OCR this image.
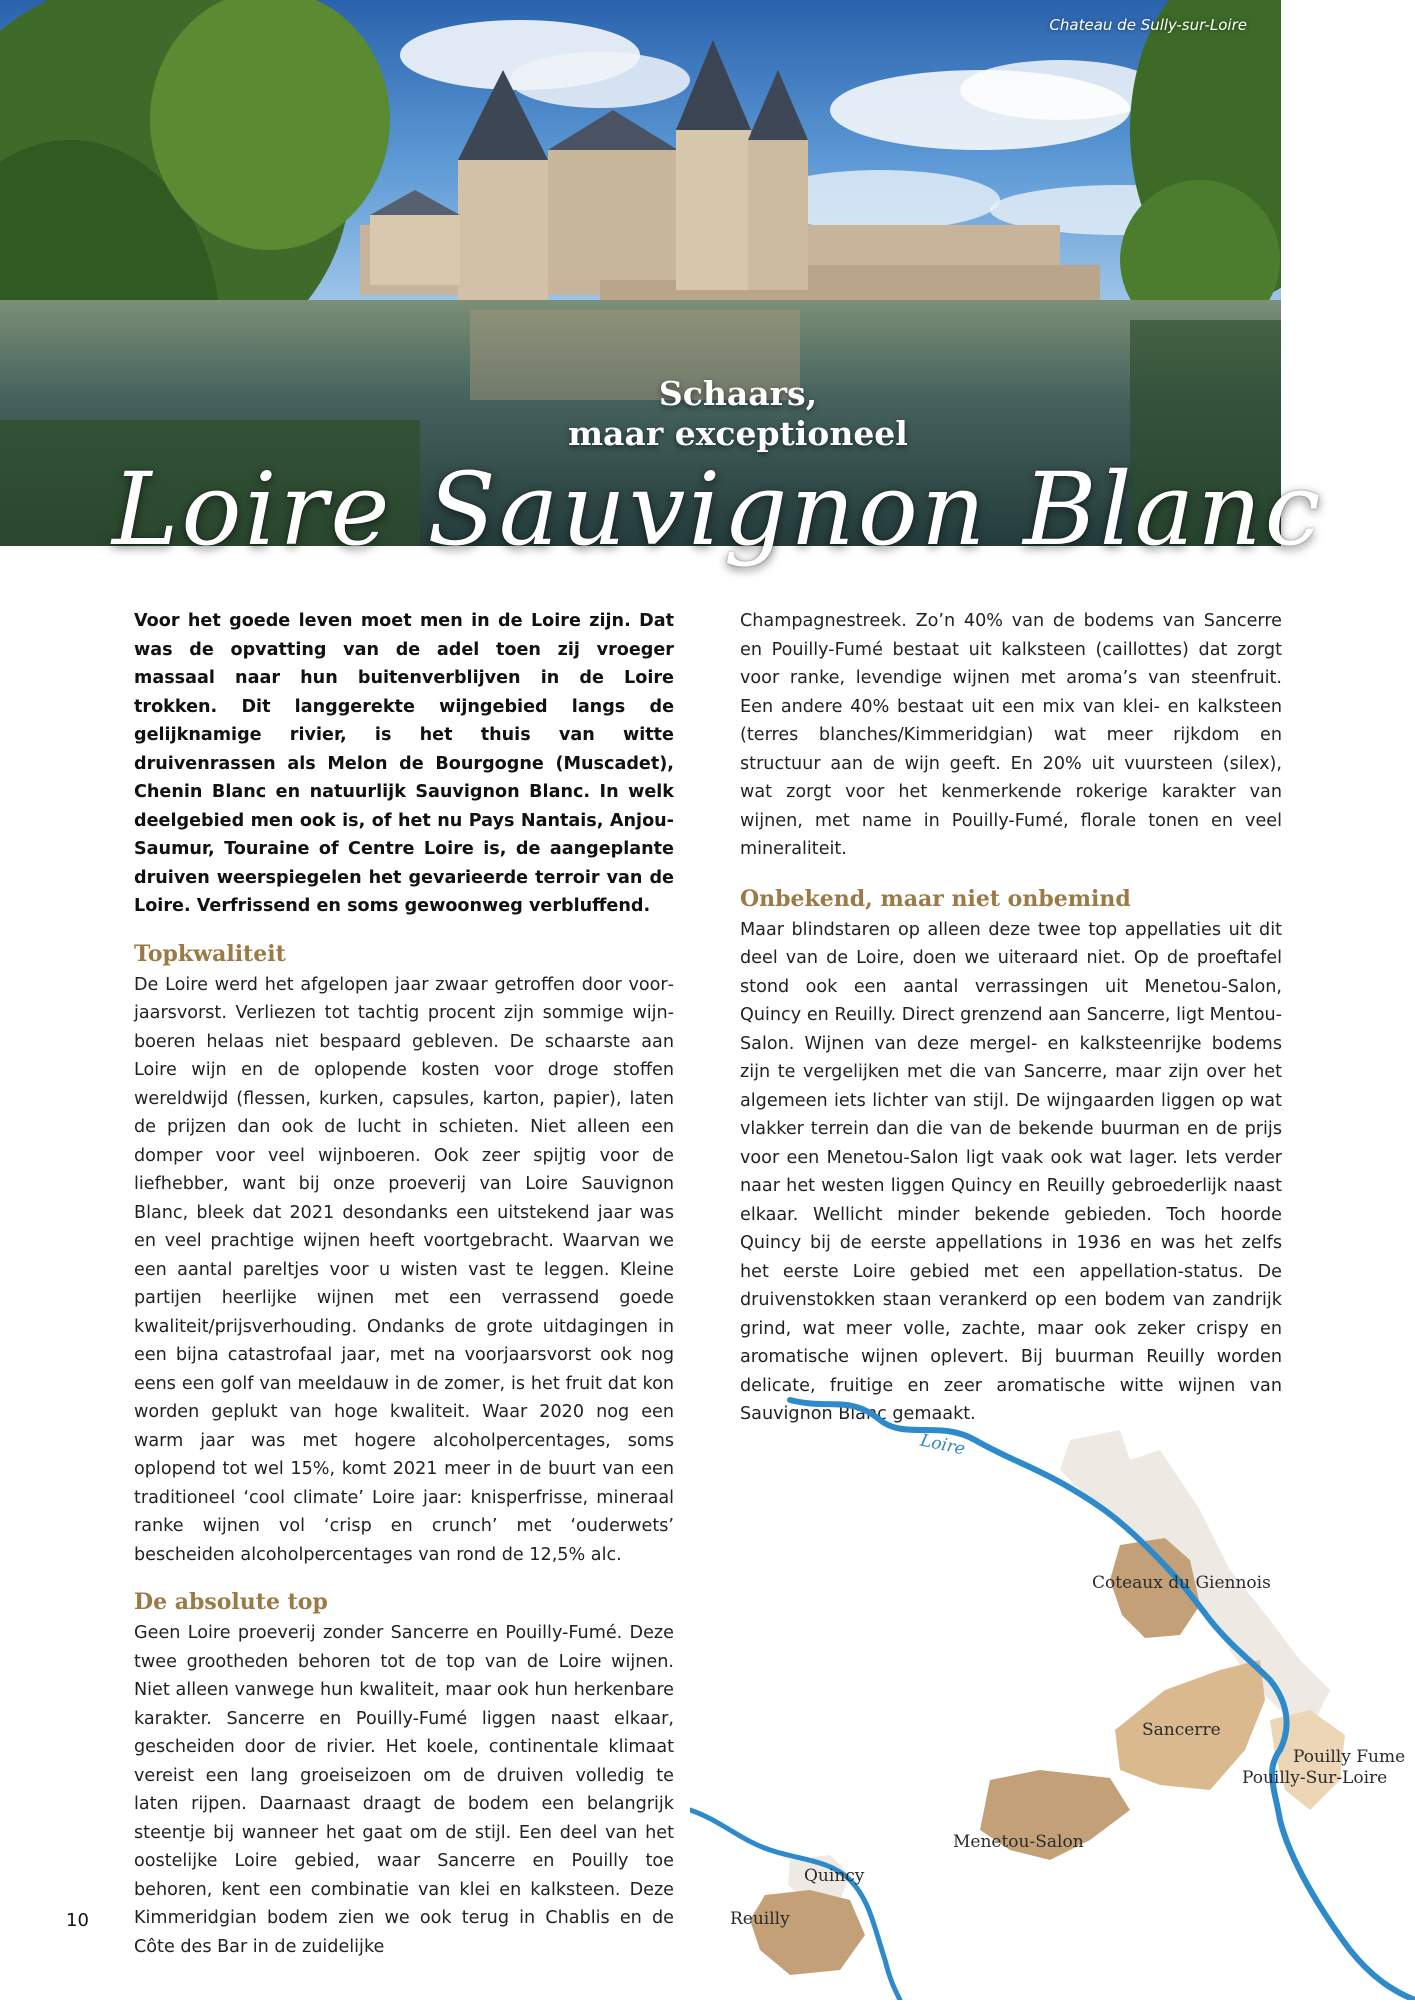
Chateau de Sully-sur-Loire
Schaars,
maar exceptioneel
Loire Sauvignon Blanc

Voor het goede leven moet men in de Loire zijn. Dat was de opvatting van de adel toen zij vroeger massaal naar hun buitenverblijven in de Loire trokken. Dit langgerekte wijngebied langs de gelijknamige rivier, is het thuis van witte druivenrassen als Melon de Bourgogne (Muscadet), Chenin Blanc en natuurlijk Sauvignon Blanc. In welk deelgebied men ook is, of het nu Pays Nantais, Anjou-Saumur, Touraine of Centre Loire is, de aangeplante druiven weerspiegelen het gevarieerde terroir van de Loire. Verfrissend en soms gewoonweg verbluffend.

Topkwaliteit

De Loire werd het afgelopen jaar zwaar getroffen door voorjaarsvorst. Verliezen tot tachtig procent zijn sommige wijnboeren helaas niet bespaard gebleven. De schaarste aan Loire wijn en de oplopende kosten voor droge stoffen wereldwijd (flessen, kurken, capsules, karton, papier), laten de prijzen dan ook de lucht in schieten. Niet alleen een domper voor veel wijnboeren. Ook zeer spijtig voor de liefhebber, want bij onze proeverij van Loire Sauvignon Blanc, bleek dat 2021 desondanks een uitstekend jaar was en veel prachtige wijnen heeft voortgebracht. Waarvan we een aantal pareltjes voor u wisten vast te leggen. Kleine partijen heerlijke wijnen met een verrassend goede kwaliteit/prijsverhouding. Ondanks de grote uitdagingen in een bijna catastrofaal jaar, met na voorjaarsvorst ook nog eens een golf van meeldauw in de zomer, is het fruit dat kon worden geplukt van hoge kwaliteit. Waar 2020 nog een warm jaar was met hogere alcoholpercentages, soms oplopend tot wel 15%, komt 2021 meer in de buurt van een traditioneel ‘cool climate’ Loire jaar: knisperfrisse, mineraal ranke wijnen vol ‘crisp en crunch’ met ‘ouderwets’ bescheiden alcoholpercentages van rond de 12,5% alc.

De absolute top

Geen Loire proeverij zonder Sancerre en Pouilly-Fumé. Deze twee grootheden behoren tot de top van de Loire wijnen. Niet alleen vanwege hun kwaliteit, maar ook hun herkenbare karakter. Sancerre en Pouilly-Fumé liggen naast elkaar, gescheiden door de rivier. Het koele, continentale klimaat vereist een lang groeiseizoen om de druiven volledig te laten rijpen. Daarnaast draagt de bodem een belangrijk steentje bij wanneer het gaat om de stijl. Een deel van het oostelijke Loire gebied, waar Sancerre en Pouilly toe behoren, kent een combinatie van klei en kalksteen. Deze Kimmeridgian bodem zien we ook terug in Chablis en de Côte des Bar in de zuidelijke

Champagnestreek. Zo’n 40% van de bodems van Sancerre en Pouilly-Fumé bestaat uit kalksteen (caillottes) dat zorgt voor ranke, levendige wijnen met aroma’s van steenfruit. Een andere 40% bestaat uit een mix van klei- en kalksteen (terres blanches/Kimmeridgian) wat meer rijkdom en structuur aan de wijn geeft. En 20% uit vuursteen (silex), wat zorgt voor het kenmerkende rokerige karakter van wijnen, met name in Pouilly-Fumé, florale tonen en veel mineraliteit.

Onbekend, maar niet onbemind

Maar blindstaren op alleen deze twee top appellaties uit dit deel van de Loire, doen we uiteraard niet. Op de proeftafel stond ook een aantal verrassingen uit Menetou-Salon, Quincy en Reuilly. Direct grenzend aan Sancerre, ligt Mentou-Salon. Wijnen van deze mergel- en kalksteenrijke bodems zijn te vergelijken met die van Sancerre, maar zijn over het algemeen iets lichter van stijl. De wijngaarden liggen op wat vlakker terrein dan die van de bekende buurman en de prijs voor een Menetou-Salon ligt vaak ook wat lager. Iets verder naar het westen liggen Quincy en Reuilly gebroederlijk naast elkaar. Wellicht minder bekende gebieden. Toch hoorde Quincy bij de eerste appellations in 1936 en was het zelfs het eerste Loire gebied met een appellation-status. De druivenstokken staan verankerd op een bodem van zandrijk grind, wat meer volle, zachte, maar ook zeker crispy en aromatische wijnen oplevert. Bij buurman Reuilly worden delicate, fruitige en zeer aromatische witte wijnen van Sauvignon Blanc gemaakt.

Loire
Coteaux du Giennois
Sancerre
Pouilly Fume
Pouilly-Sur-Loire
Menetou-Salon
Quincy
Reuilly
10
